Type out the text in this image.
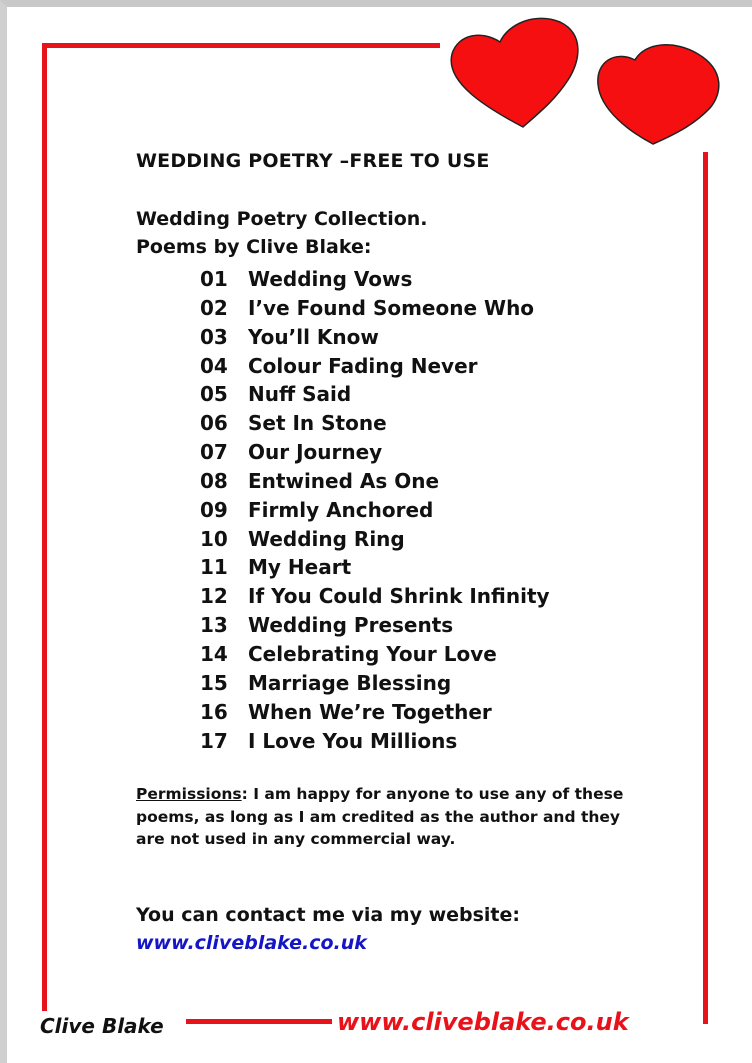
WEDDING POETRY –FREE TO USE
Wedding Poetry Collection.
Poems by Clive Blake:
01 Wedding Vows
02 I’ve Found Someone Who
03 You’ll Know
04 Colour Fading Never
05 Nuff Said
06 Set In Stone
07 Our Journey
08 Entwined As One
09 Firmly Anchored
10 Wedding Ring
11 My Heart
12 If You Could Shrink Infinity
13 Wedding Presents
14 Celebrating Your Love
15 Marriage Blessing
16 When We’re Together
17 I Love You Millions
Permissions: I am happy for anyone to use any of these poems, as long as I am credited as the author and they are not used in any commercial way.
You can contact me via my website:
www.cliveblake.co.uk
Clive Blake	www.cliveblake.co.uk
